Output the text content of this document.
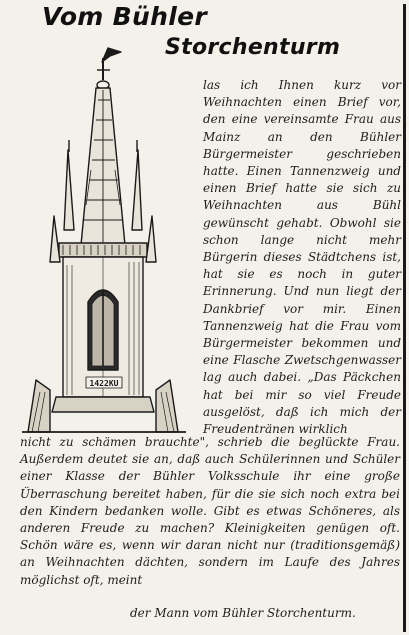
Vom Bühler
Storchenturm
1422KU

las ich Ihnen kurz vor Weihnachten einen Brief vor, den eine vereinsamte Frau aus Mainz an den Bühler Bürgermeister geschrieben hatte. Einen Tannenzweig und einen Brief hatte sie sich zu Weihnachten aus Bühl gewünscht gehabt. Obwohl sie schon lange nicht mehr Bürgerin dieses Städtchens ist, hat sie es noch in guter Erinnerung. Und nun liegt der Dankbrief vor mir. Einen Tannenzweig hat die Frau vom Bürgermeister bekommen und eine Flasche Zwetschgenwasser lag auch dabei. „Das Päckchen hat bei mir so viel Freude ausgelöst, daß ich mich der Freudentränen wirklich

nicht zu schämen brauchte", schrieb die beglückte Frau. Außerdem deutet sie an, daß auch Schülerinnen und Schüler einer Klasse der Bühler Volksschule ihr eine große Überraschung bereitet haben, für die sie sich noch extra bei den Kindern bedanken wolle. Gibt es etwas Schöneres, als anderen Freude zu machen? Kleinigkeiten genügen oft. Schön wäre es, wenn wir daran nicht nur (traditionsgemäß) an Weihnachten dächten, sondern im Laufe des Jahres möglichst oft, meint

der Mann vom Bühler Storchenturm.
